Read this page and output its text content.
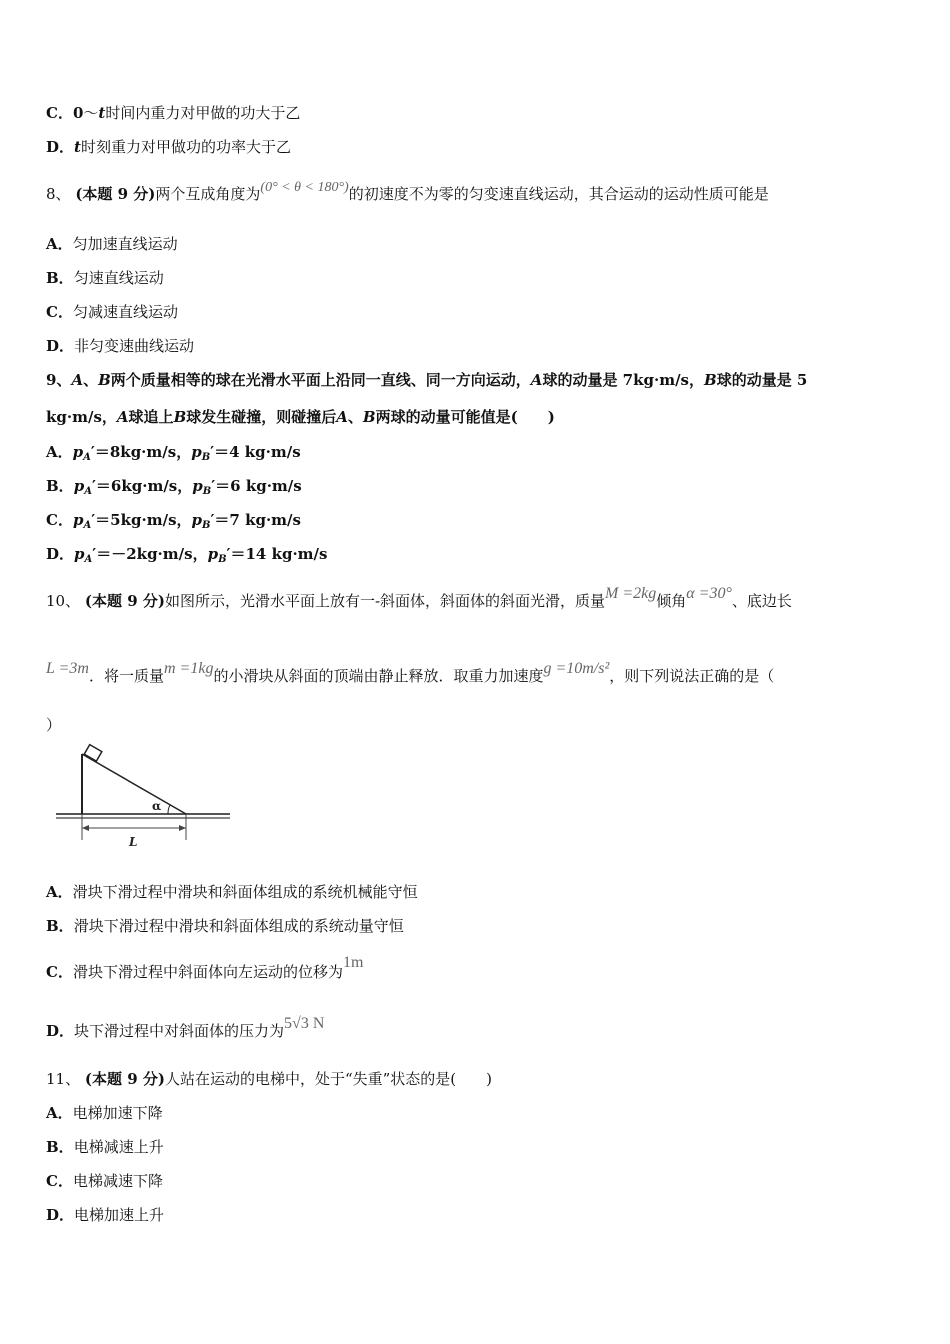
C．0～t时间内重力对甲做的功大于乙
D．t时刻重力对甲做功的功率大于乙
8、 (本题 9 分)两个互成角度为(0° < θ < 180°)的初速度不为零的匀变速直线运动，其合运动的运动性质可能是
A．匀加速直线运动
B．匀速直线运动
C．匀减速直线运动
D．非匀变速曲线运动
9、A、B两个质量相等的球在光滑水平面上沿同一直线、同一方向运动，A球的动量是 7kg·m/s，B球的动量是 5
kg·m/s，A球追上B球发生碰撞，则碰撞后A、B两球的动量可能值是(　　)
A．$p_A'=8kg\cdot m/s$，$p_B'=4$ kg·m/s
B．$p_A'=6kg\cdot m/s$，$p_B'=6$ kg·m/s
C．$p_A'=5kg\cdot m/s$，$p_B'=7$ kg·m/s
D．$p_A'=-2kg\cdot m/s$，$p_B'=14$ kg·m/s
10、 (本题 9 分)如图所示，光滑水平面上放有一-斜面体，斜面体的斜面光滑，质量M =2kg倾角α =30°、底边长
L =3m．将一质量m =1kg的小滑块从斜面的顶端由静止释放．取重力加速度g =10m/s²，则下列说法正确的是（
）
α
L
A．滑块下滑过程中滑块和斜面体组成的系统机械能守恒
B．滑块下滑过程中滑块和斜面体组成的系统动量守恒
C．滑块下滑过程中斜面体向左运动的位移为1m
D．块下滑过程中对斜面体的压力为5√3 N
11、 (本题 9 分)人站在运动的电梯中，处于“失重”状态的是(　　)
A．电梯加速下降
B．电梯减速上升
C．电梯减速下降
D．电梯加速上升
